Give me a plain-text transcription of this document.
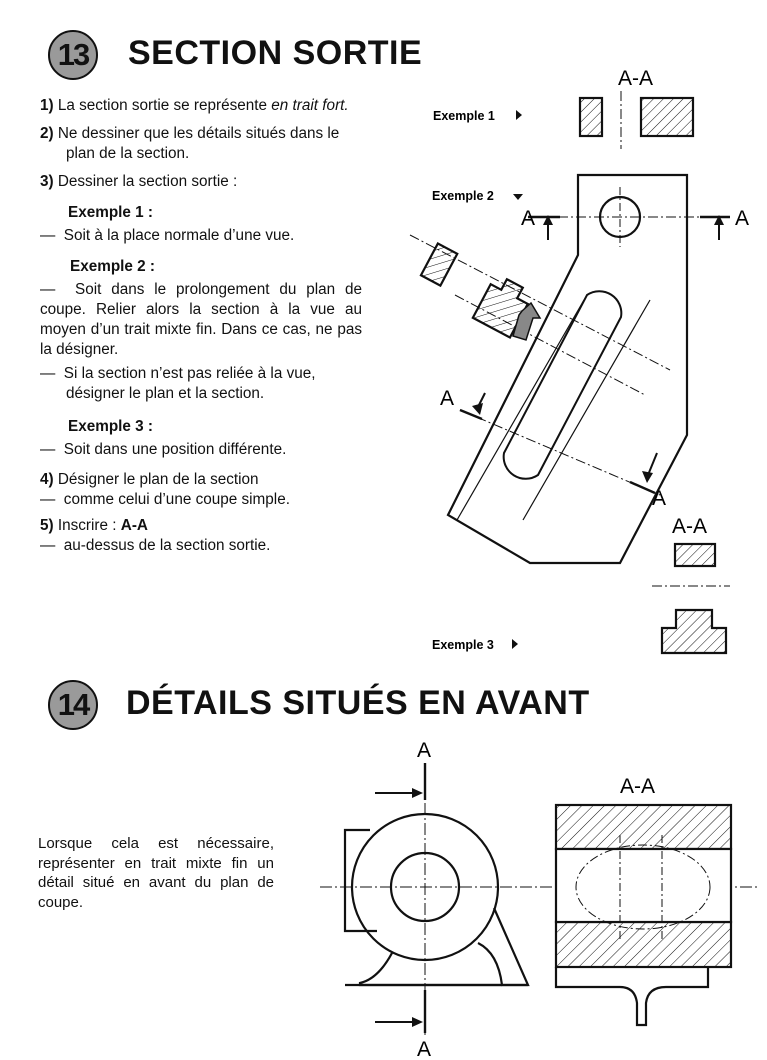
13 SECTION SORTIE
1) La section sortie se représente en trait fort.
2) Ne dessiner que les détails situés dans le plan de la section.
3) Dessiner la section sortie :
Exemple 1 :
— Soit à la place normale d’une vue.
Exemple 2 :
— Soit dans le prolongement du plan de coupe. Relier alors la section à la vue au moyen d’un trait mixte fin. Dans ce cas, ne pas la désigner.
— Si la section n’est pas reliée à la vue, désigner le plan et la section.
Exemple 3 :
— Soit dans une position différente.
4) Désigner le plan de la section
— comme celui d’une coupe simple.
5) Inscrire : A-A
— au-dessus de la section sortie.
Exemple 1
Exemple 2
Exemple 3
A-A
A	A
A
A
A-A
14 DÉTAILS SITUÉS EN AVANT
Lorsque cela est nécessaire, représenter en trait mixte fin un détail situé en avant du plan de coupe.
A
A
A-A
